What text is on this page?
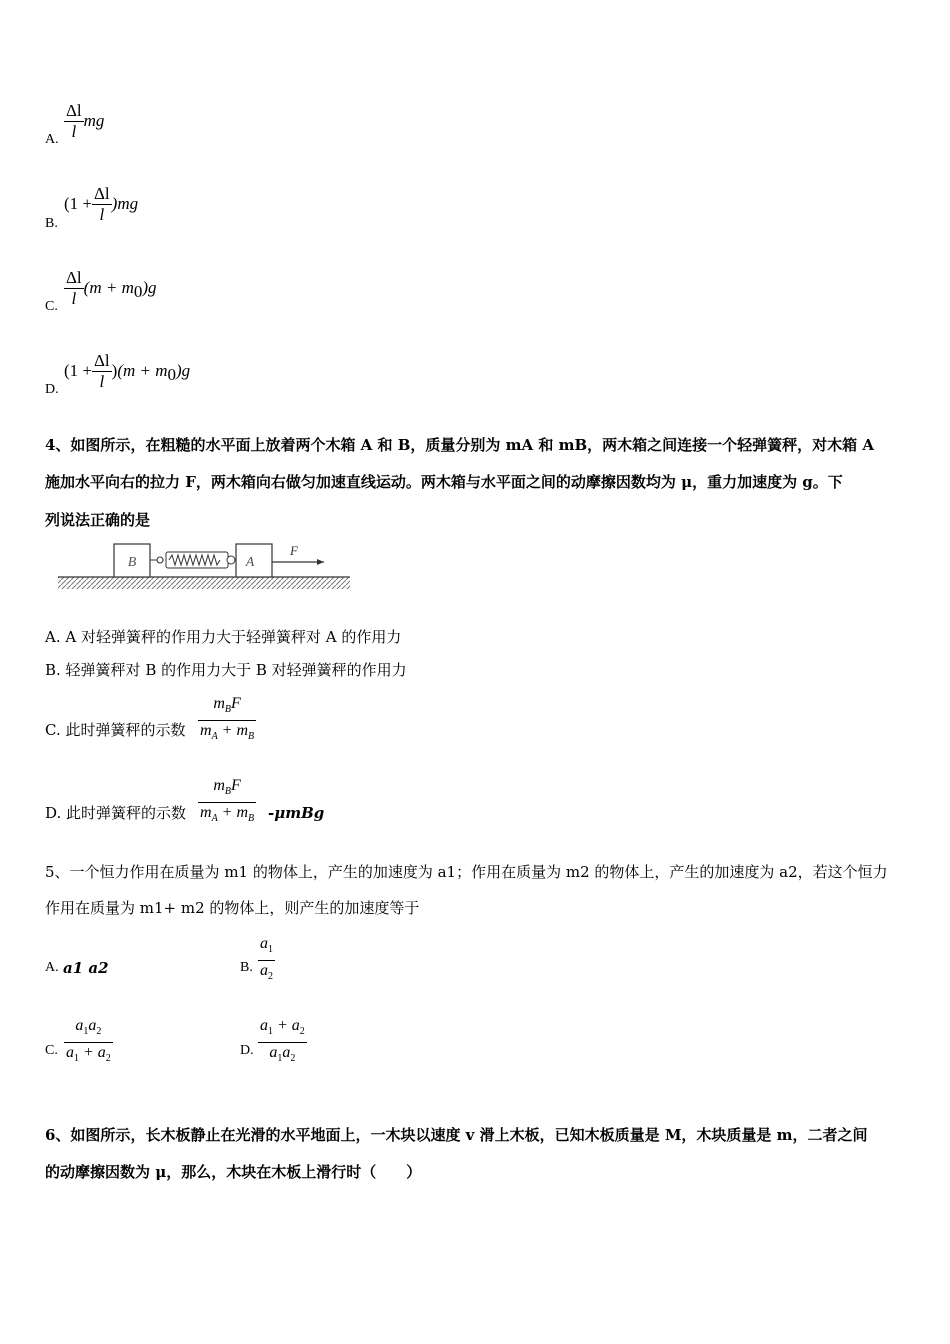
A. $\frac{\Delta l}{l}$ mg
B.
$(1 + \frac{\Delta l}{l} )mg$
C. $\frac{\Delta l}{l} (m + m_0)g$
D.
$(1 + \frac{\Delta l}{l} )(m + m_0)g$
4、如图所示，在粗糙的水平面上放着两个木箱 A 和 B，质量分别为 mA 和 mB，两木箱之间连接一个轻弹簧秤，对木箱 A
施加水平向右的拉力 F，两木箱向右做匀加速直线运动。两木箱与水平面之间的动摩擦因数均为 μ，重力加速度为 g。下
列说法正确的是
B	A
F
A. A 对轻弹簧秤的作用力大于轻弹簧秤对 A 的作用力
B. 轻弹簧秤对 B 的作用力大于 B 对轻弹簧秤的作用力
C. 此时弹簧秤的示数 $\frac{m_BF}{m_A + m_B}$
D. 此时弹簧秤的示数 $\frac{m_BF}{m_A + m_B} -\mu mBg$
5、一个恒力作用在质量为 m1 的物体上，产生的加速度为 a1；作用在质量为 m2 的物体上，产生的加速度为 a2，若这个恒力
作用在质量为 m1+ m2 的物体上，则产生的加速度等于
A. a1 a2	B. $\frac{a_1}{a_2}$
C. $\frac{a_1a_2}{a_1 + a_2}$	D. $\frac{a_1 + a_2}{a_1a_2}$
6、如图所示，长木板静止在光滑的水平地面上，一木块以速度 v 滑上木板，已知木板质量是 M，木块质量是 m，二者之间
的动摩擦因数为 μ，那么，木块在木板上滑行时（　　）
